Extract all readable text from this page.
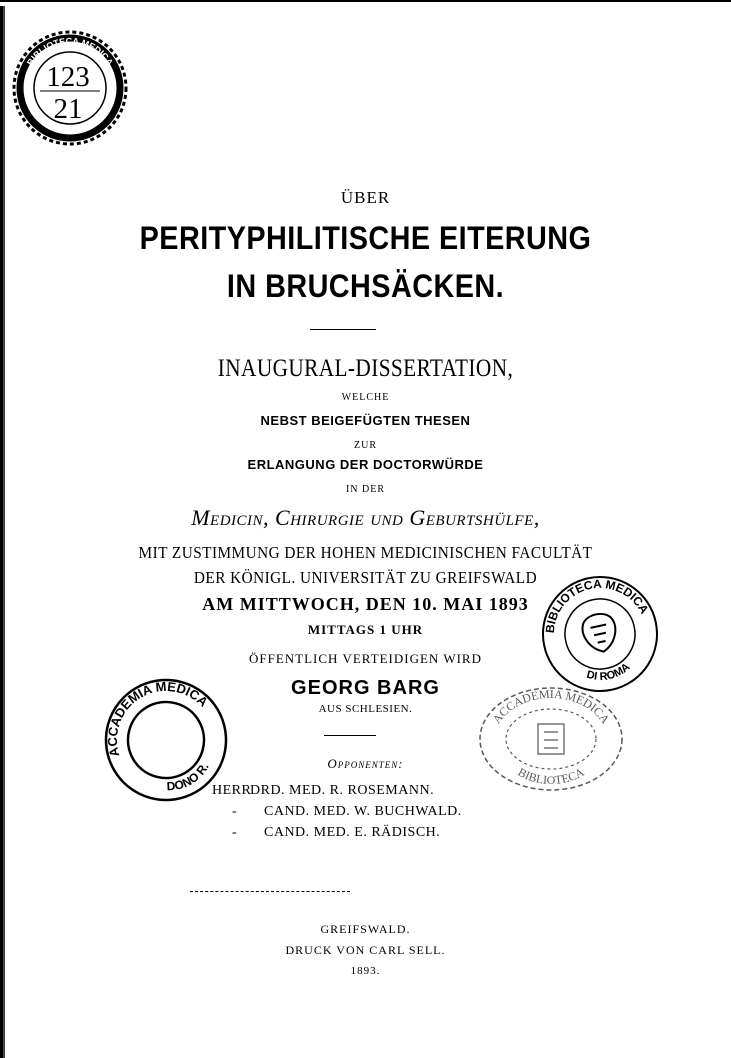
BIBLIOTECA MEDICA
DONO R.
123
21
ÜBER
PERITYPHILITISCHE EITERUNG
IN BRUCHSÄCKEN.
INAUGURAL-DISSERTATION,
WELCHE
NEBST BEIGEFÜGTEN THESEN
ZUR
ERLANGUNG DER DOCTORWÜRDE
IN DER
Medicin, Chirurgie und Geburtshülfe,
MIT ZUSTIMMUNG DER HOHEN MEDICINISCHEN FACULTÄT
DER KÖNIGL. UNIVERSITÄT ZU GREIFSWALD
AM MITTWOCH, DEN 10. MAI 1893
MITTAGS 1 UHR
ÖFFENTLICH VERTEIDIGEN WIRD
GEORG BARG
AUS SCHLESIEN.
Opponenten:
HERRDRD. MED. R. ROSEMANN.
- CAND. MED. W. BUCHWALD.
- CAND. MED. E. RÄDISCH.
GREIFSWALD.
DRUCK VON CARL SELL.
1893.
BIBLIOTECA MEDICA
DI ROMA
ACCADEMIA MEDICA
DONO R.
ACCADEMIA MEDICA
BIBLIOTECA
